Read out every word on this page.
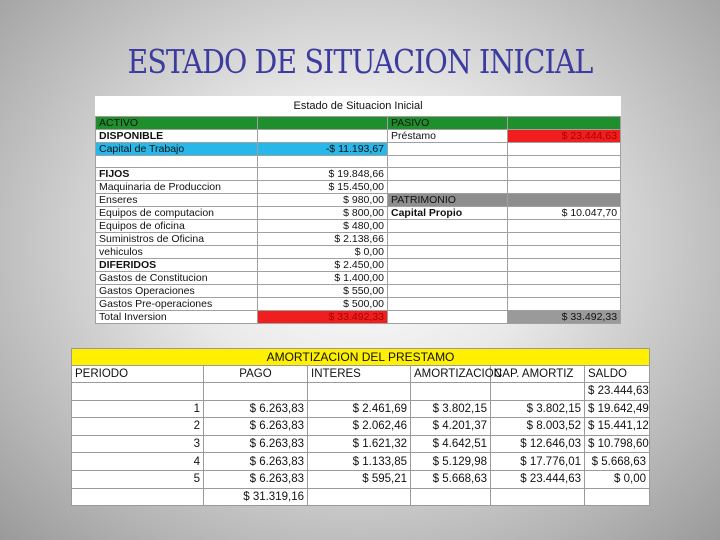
ESTADO DE SITUACION INICIAL
Estado de Situacion Inicial			
ACTIVO		PASIVO	
DISPONIBLE		Préstamo	$ 23.444,63
Capital de Trabajo	-$ 11.193,67		

FIJOS	$ 19.848,66		
Maquinaria de Produccion	$ 15.450,00		
Enseres	$ 980,00	PATRIMONIO	
Equipos de computacion	$ 800,00	Capital Propio	$ 10.047,70
Equipos de oficina	$ 480,00		
Suministros de Oficina	$ 2.138,66		
vehiculos	$ 0,00		
DIFERIDOS	$ 2.450,00		
Gastos de Constitucion	$ 1.400,00		
Gastos Operaciones	$ 550,00		
Gastos Pre-operaciones	$ 500,00		
Total Inversion	$ 33.492,33		$ 33.492,33
AMORTIZACION DEL PRESTAMO					
PERIODO	PAGO	INTERES	AMORTIZACION	CAP. AMORTIZ	SALDO
					$ 23.444,63
1	$ 6.263,83	$ 2.461,69	$ 3.802,15	$ 3.802,15	$ 19.642,49
2	$ 6.263,83	$ 2.062,46	$ 4.201,37	$ 8.003,52	$ 15.441,12
3	$ 6.263,83	$ 1.621,32	$ 4.642,51	$ 12.646,03	$ 10.798,60
4	$ 6.263,83	$ 1.133,85	$ 5.129,98	$ 17.776,01	$ 5.668,63
5	$ 6.263,83	$ 595,21	$ 5.668,63	$ 23.444,63	$ 0,00
	$ 31.319,16				
